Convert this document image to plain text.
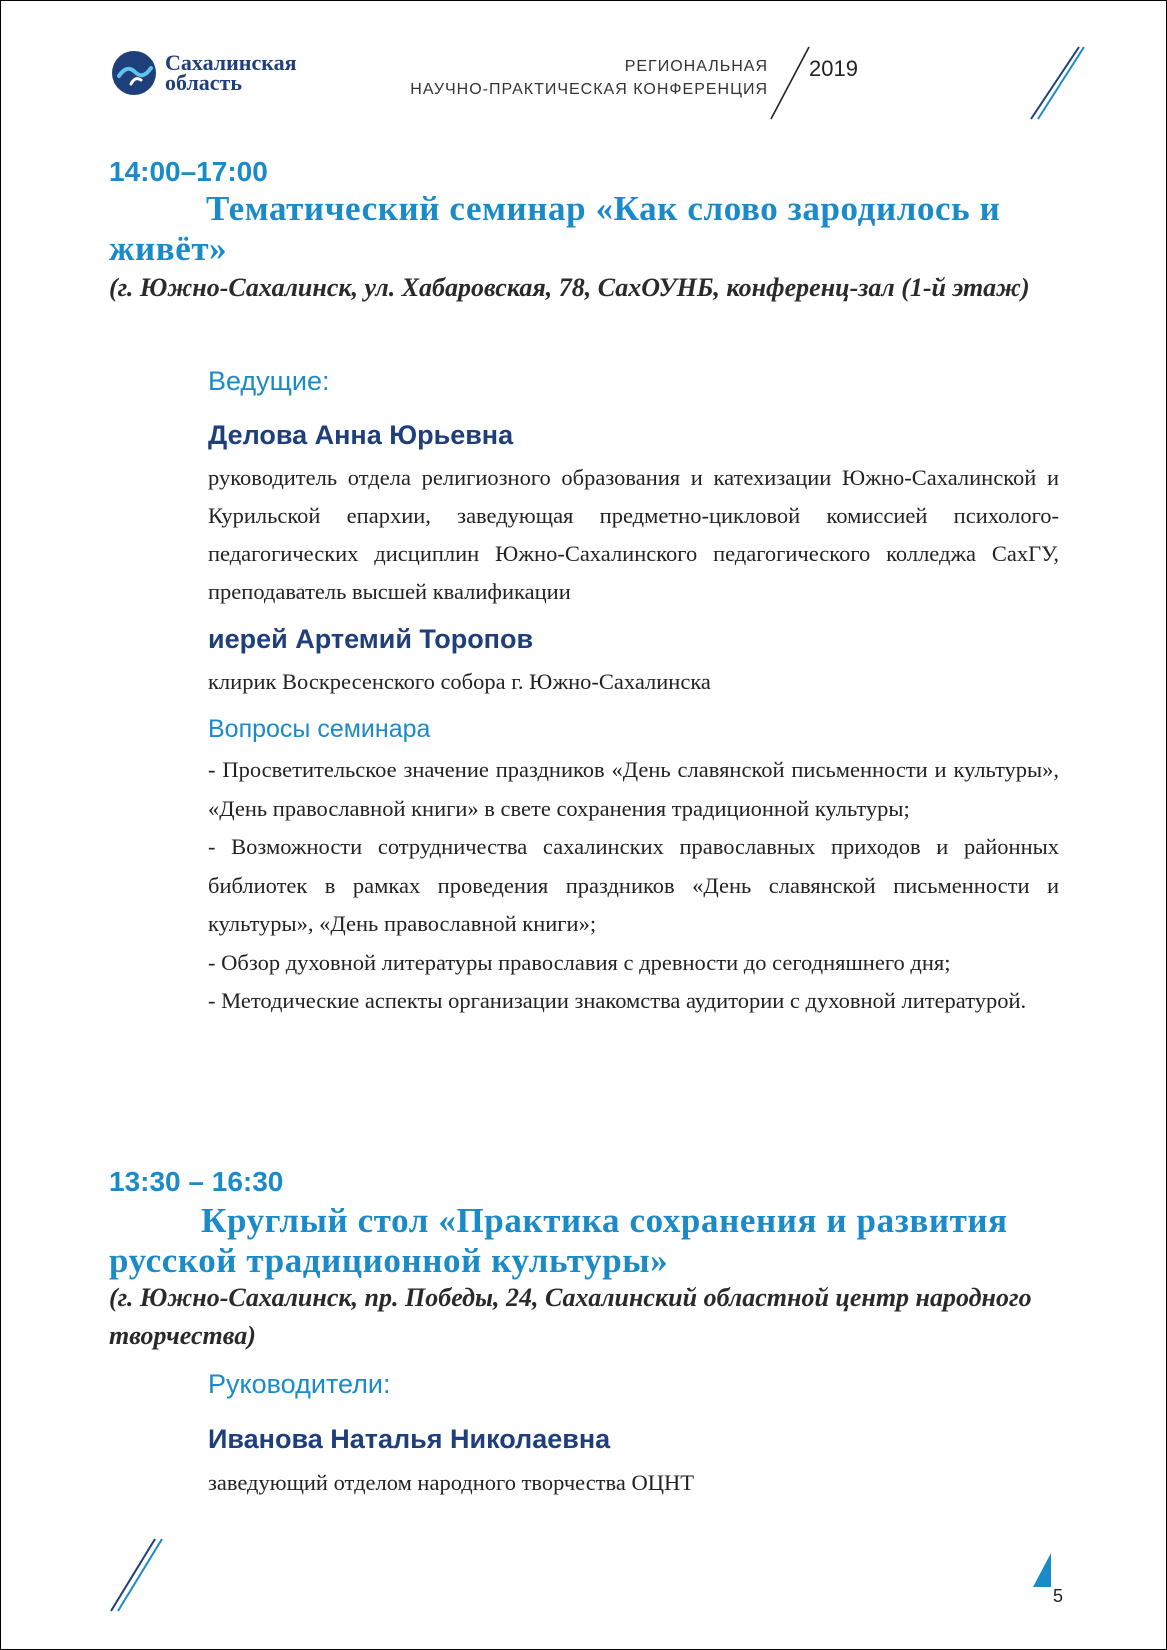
Сахалинская
область
РЕГИОНАЛЬНАЯ
НАУЧНО-ПРАКТИЧЕСКАЯ КОНФЕРЕНЦИЯ
2019
14:00–17:00
Тематический семинар «Как слово зародилось и живёт»
(г. Южно-Сахалинск, ул. Хабаровская, 78, СахОУНБ, конференц-зал (1-й этаж)
Ведущие:
Делова Анна Юрьевна
руководитель отдела религиозного образования и катехизации Южно-Сахалинской и Курильской епархии, заведующая предметно-цикловой комиссией психолого-педагогических дисциплин Южно-Сахалинского педагогического колледжа СахГУ, преподаватель высшей квалификации
иерей Артемий Торопов
клирик Воскресенского собора г. Южно-Сахалинска
Вопросы семинара
- Просветительское значение праздников «День славянской письменности и культуры», «День православной книги» в свете сохранения традиционной культуры;
- Возможности сотрудничества сахалинских православных приходов и районных библиотек в рамках проведения праздников «День славянской письменности и культуры», «День православной книги»;
- Обзор духовной литературы православия с древности до сегодняшнего дня;
- Методические аспекты организации знакомства аудитории с духовной литературой.
13:30 – 16:30
Круглый стол «Практика сохранения и развития русской традиционной культуры»
(г. Южно-Сахалинск, пр. Победы, 24, Сахалинский областной центр народного творчества)
Руководители:
Иванова Наталья Николаевна
заведующий отделом народного творчества ОЦНТ
5
